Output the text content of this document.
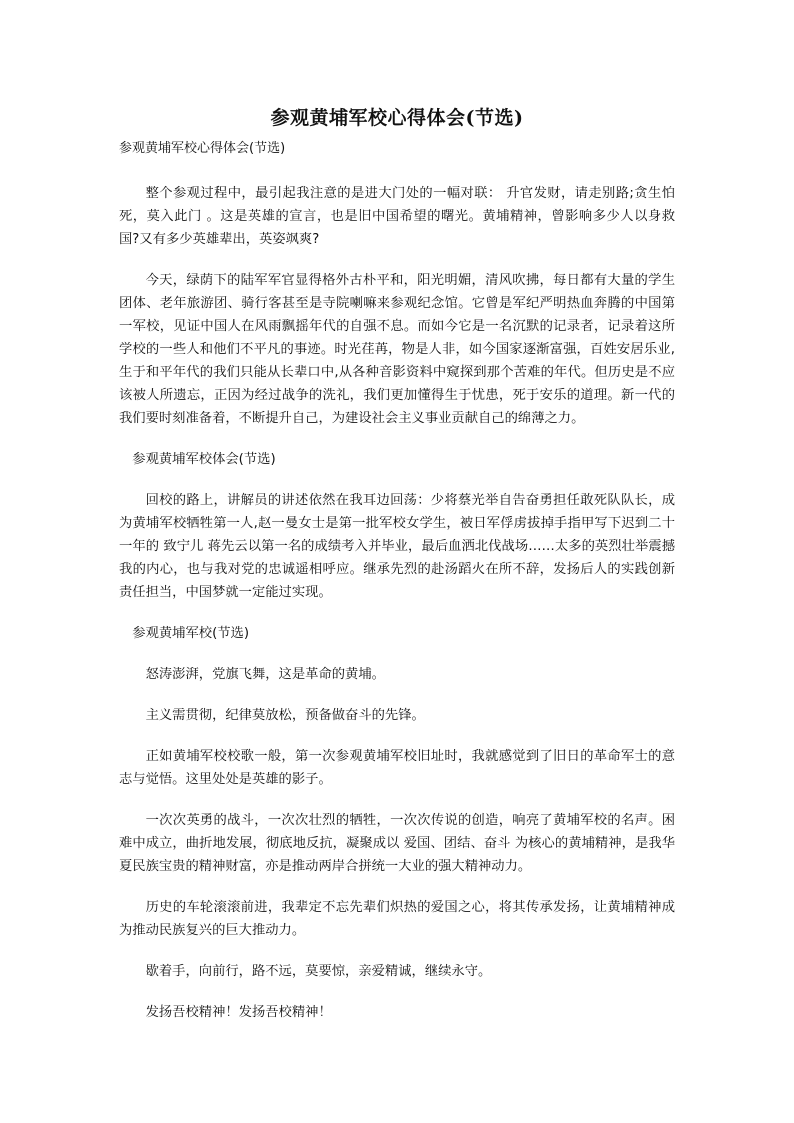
参观黄埔军校心得体会(节选)
参观黄埔军校心得体会(节选)

整个参观过程中，最引起我注意的是进大门处的一幅对联： 升官发财，请走别路;贪生怕死，莫入此门 。这是英雄的宣言，也是旧中国希望的曙光。黄埔精神，曾影响多少人以身救国?又有多少英雄辈出，英姿飒爽?

今天，绿荫下的陆军军官显得格外古朴平和，阳光明媚，清风吹拂，每日都有大量的学生团体、老年旅游团、骑行客甚至是寺院喇嘛来参观纪念馆。它曾是军纪严明热血奔腾的中国第一军校，见证中国人在风雨飘摇年代的自强不息。而如今它是一名沉默的记录者，记录着这所学校的一些人和他们不平凡的事迹。时光荏苒，物是人非，如今国家逐渐富强，百姓安居乐业,生于和平年代的我们只能从长辈口中,从各种音影资料中窥探到那个苦难的年代。但历史是不应该被人所遗忘，正因为经过战争的洗礼，我们更加懂得生于忧患，死于安乐的道理。新一代的我们要时刻准备着，不断提升自己，为建设社会主义事业贡献自己的绵薄之力。

参观黄埔军校体会(节选)

回校的路上，讲解员的讲述依然在我耳边回荡：少将蔡光举自告奋勇担任敢死队队长，成为黄埔军校牺牲第一人,赵一曼女士是第一批军校女学生，被日军俘虏拔掉手指甲写下迟到二十一年的 致宁儿 蒋先云以第一名的成绩考入并毕业，最后血洒北伐战场……太多的英烈壮举震撼我的内心，也与我对党的忠诚遥相呼应。继承先烈的赴汤蹈火在所不辞，发扬后人的实践创新责任担当，中国梦就一定能过实现。

参观黄埔军校(节选)

怒涛澎湃，党旗飞舞，这是革命的黄埔。

主义需贯彻，纪律莫放松，预备做奋斗的先锋。

正如黄埔军校校歌一般，第一次参观黄埔军校旧址时，我就感觉到了旧日的革命军士的意志与觉悟。这里处处是英雄的影子。

一次次英勇的战斗，一次次壮烈的牺牲，一次次传说的创造，响亮了黄埔军校的名声。困难中成立，曲折地发展，彻底地反抗，凝聚成以 爱国、团结、奋斗 为核心的黄埔精神，是我华夏民族宝贵的精神财富，亦是推动两岸合拼统一大业的强大精神动力。

历史的车轮滚滚前进，我辈定不忘先辈们炽热的爱国之心，将其传承发扬，让黄埔精神成为推动民族复兴的巨大推动力。

歇着手，向前行，路不远，莫要惊，亲爱精诚，继续永守。

发扬吾校精神！发扬吾校精神！
